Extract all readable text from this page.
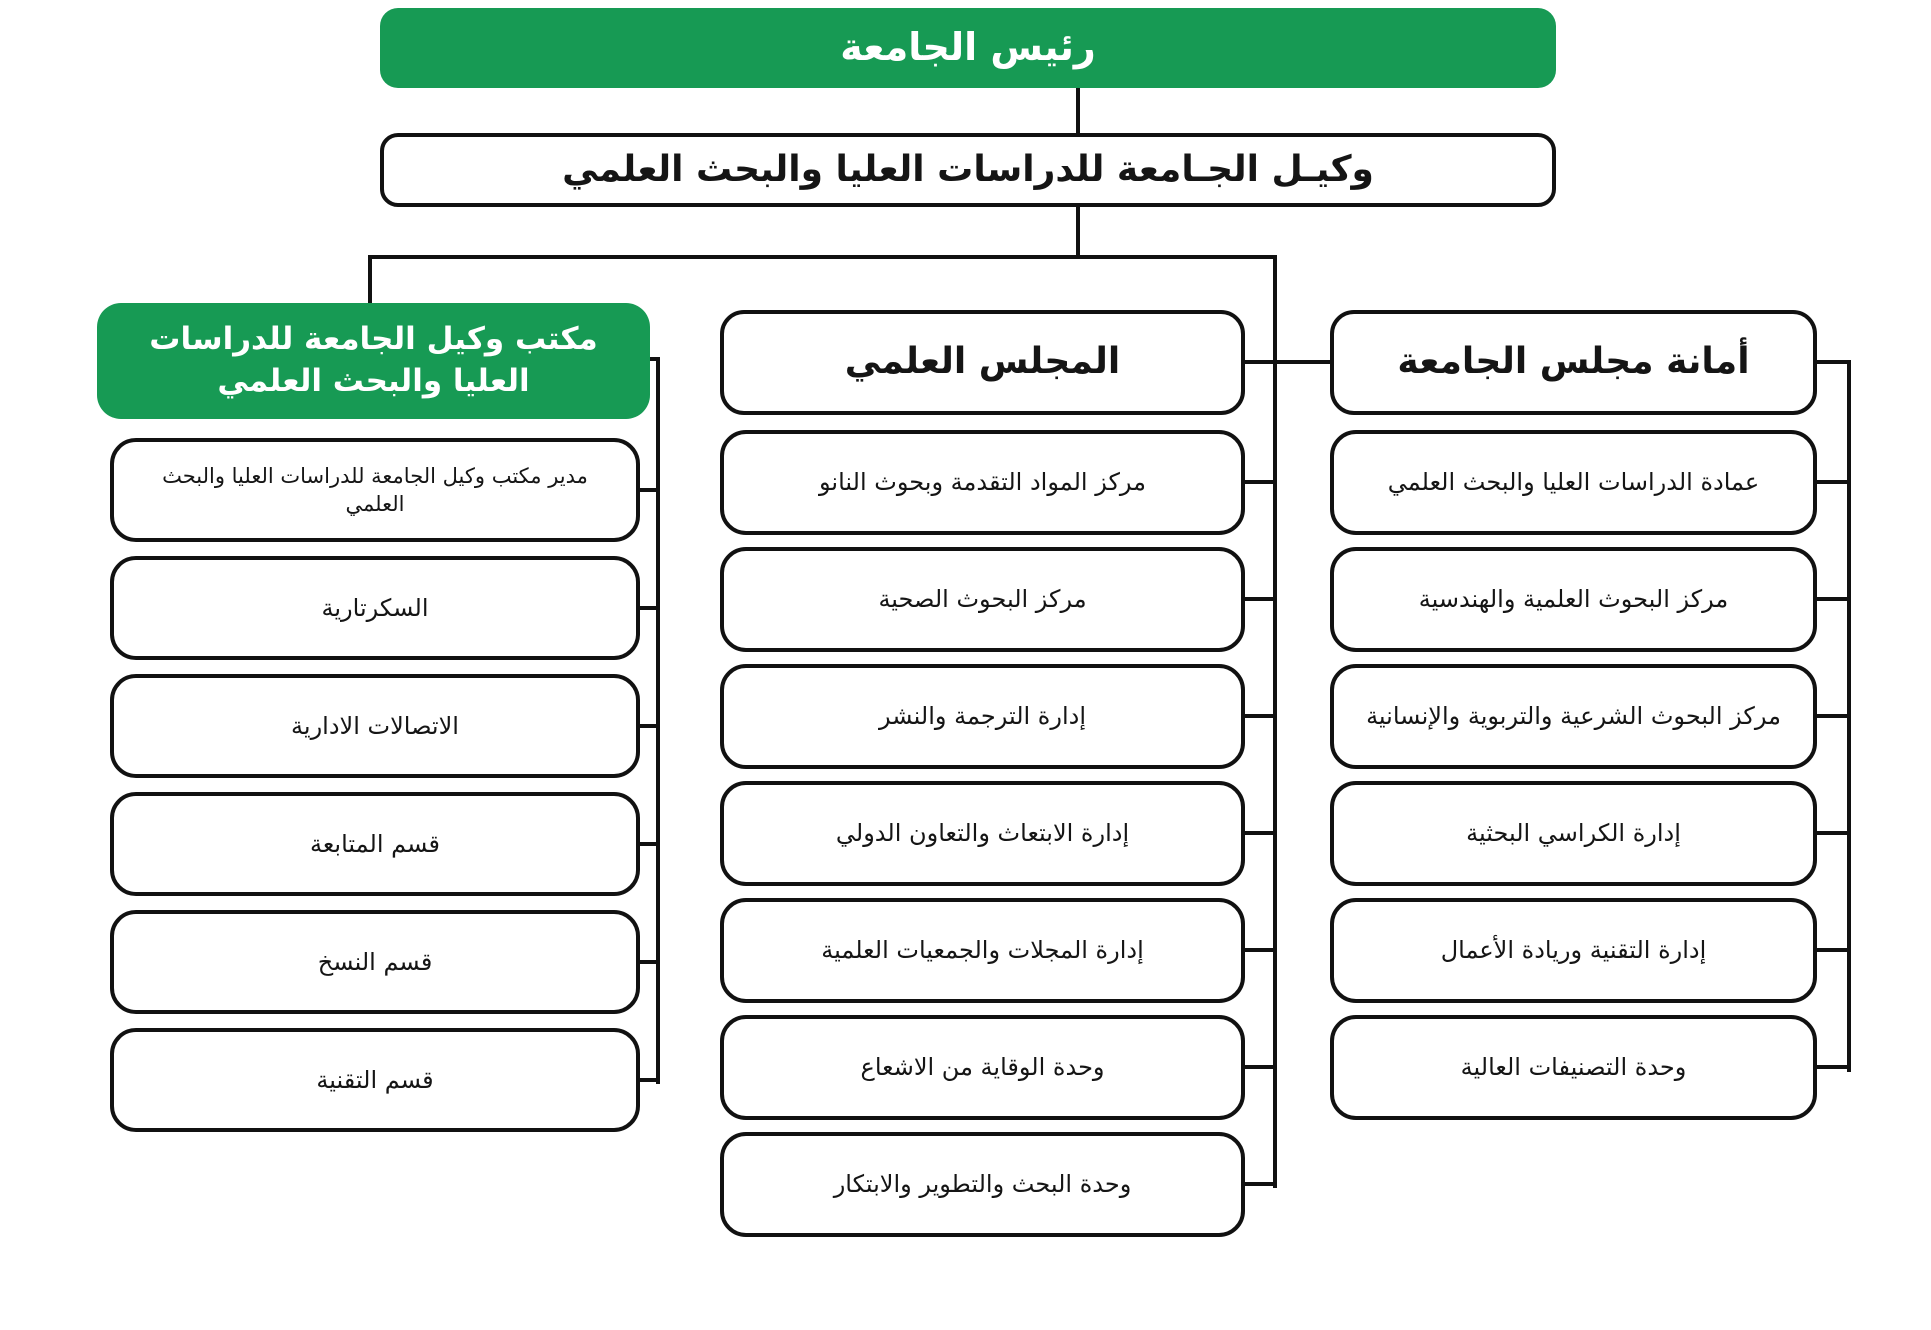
رئيس الجامعة
وكيـل الجـامعة للدراسات العليا والبحث العلمي
مكتب وكيل الجامعة للدراسات العليا والبحث العلمي
مدير مكتب وكيل الجامعة للدراسات العليا والبحث العلمي
السكرتارية
الاتصالات الادارية
قسم المتابعة
قسم النسخ
قسم التقنية
المجلس العلمي
مركز المواد التقدمة وبحوث النانو
مركز البحوث الصحية
إدارة الترجمة والنشر
إدارة الابتعاث والتعاون الدولي
إدارة المجلات والجمعيات العلمية
وحدة الوقاية من الاشعاع
وحدة البحث والتطوير والابتكار
أمانة مجلس الجامعة
عمادة الدراسات العليا والبحث العلمي
مركز البحوث العلمية والهندسية
مركز البحوث الشرعية والتربوية والإنسانية
إدارة الكراسي البحثية
إدارة التقنية وريادة الأعمال
وحدة التصنيفات العالية
